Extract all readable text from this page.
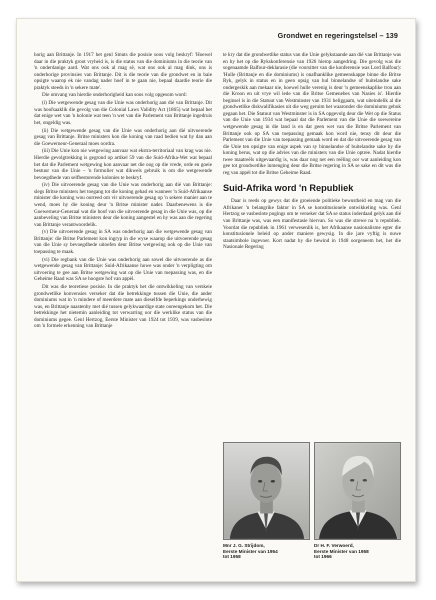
Grondwet en regeringstelsel – 139

horig aan Brittanje. In 1917 het genl Smuts die posisie soos volg beskryf: 'Hoewel daar in die praktyk groot vryheid is, is die status van die dominiums in die teorie van 'n onderdanige aard. Wat ons ook al mag sê, wat ons ook al mag dink, ons is onderhorige provinsies van Brittanje. Dit is die teorie van die grondwet en in baie opsigte waarop ek nie vandag nader hoef in te gaan nie, bepaal daardie teorie die praktyk steeds in 'n sekere mate'.

Die omvang van hierdie onderhorigheid kan soos volg opgesom word:

(i) Die wetgewende gesag van die Unie was onderhorig aan dié van Brittanje. Dit was hoofsaaklik die gevolg van die Colonial Laws Validity Act (1865) wat bepaal het dat enige wet van 'n kolonie wat teen 'n wet van die Parlement van Brittanje ingedruis het, ongeldig was.

(ii) Die wetgewende gesag van die Unie was onderhorig aan dié uitvoerende gesag van Brittanje. Britse ministers kon die koning van raad bedien wat hy dan aan die Goewerneur-Generaal moes oordra.

(iii) Die Unie kon nie wetgewing aanvaar wat ekstra-territoriaal van krag was nie. Hierdie gevolgtrekking is gegrond op artikel 59 van die Suid-Afrika-Wet wat bepaal het dat die Parlement wetgewing kon aanvaar net die oog op die vrede, orde en goeie bestuur van die Unie – 'n formulier wat dikwels gebruik is om die wetgewende bevoegdhede van selfbesturende kolonies te beskryf.

(iv) Die uitvoerende gesag van die Unie was onderhorig aan dié van Brittanje: slegs Britse ministers het toegang tot die koning gehad en wanneer 'n Suid-Afrikaanse minister die koning wou oorreed om vir uitvoerende gesag op 'n sekere manier aan te wend, moes hy die koning deur 'n Britse minister nader. Daarbenewens is die Goewerneur-Generaal wat die hoof van die uitvoerende gesag in die Unie was, op die aanbeveling van Britse ministers deur die koning aangestel en hy was aan die regering van Brittanje verantwoordelik.

(v) Die uitvoerende gesag in SA was onderhorig aan die wetgewende gesag van Brittanje: die Britse Parlement kon ingryp in die wyse waarop die uitvoerende gesag van die Unie sy bevoegdhede uitoefen deur Britse wetgewing ook op die Unie van toepassing te maak.

(vi) Die regbank van die Unie was onderhorig aan sowel die uitvoerende as die wetgewende gesag van Brittanje: Suid-Afrikaanse howe was onder 'n verpligting om uitvoering te gee aan Britse wetgewing wat op die Unie van toepassing was, en die Geheime Raad was SA se hoogste hof van appèl.

Dit was die teoretiese posisie. In die praktyk het die ontwikkeling van verskeie grondwetlike konvensies verseker dat die betrekkinge tussen die Unie, die ander dominiums wat in 'n mindere of meerdere mate aan dieselfde beperkings onderhewig was, en Brittanje naastenby met dié tussen gelykwaardige state ooreengekom het. Die betrekkinge het nietemin aanleiding tot verwarring oor die werklike status van die dominiums gegee. Genl Hertzog, Eerste Minister van 1924 tot 1939, was vasbeslote om 'n formele erkenning van Brittanje

te kry dat die grondwetlike status van die Unie gelykstaande aan dié van Brittanje was en hy het op die Rykskonferensie van 1926 hierop aangedring. Die gevolg was die sogenaamde Balfour-deklarasie (die voorsitter van die konferensie was Lord Balfour): 'Hulle (Brittanje en die dominiums) is onafhanklike gemeenskappe binne die Britse Ryk, gelyk in status en in geen opsig van hul binnelandse of buitelandse sake ondergeskik aan mekaar nie, hoewel hulle verenig is deur 'n gemeenskaplike trou aan die Kroon en uit vrye wil lede van die Britse Gemenebes van Nasies is'. Hierdie beginsel is in die Statuut van Westminster van 1931 beliggaam, wat uiteindelik al die grondwetlike diskwalifikasies uit die weg geruim het waaronder die dominiums gebuk gegaan het. Die Statuut van Westminster is in SA opgevolg deur die Wet op die Status van die Unie van 1934 wat bepaal dat die Parlement van die Unie die soewereine wetgewende gesag in die land is en dat geen wet van die Britse Parlement van Brittanje ook op SA van toepassing gemaak kon word nie, tensy dit deur die Parlement van die Unie van toepassing gemaak word en dat die uitvoerende gesag van die Unie ten opsigte van enige aspek van sy binnelandse of buitelandse sake by die koning berus, wat op die advies van die ministers van die Unie optree. Nadat hierdie twee maatreëls uitgevaardig is, was daar nog net een reëling oor wat aanleiding kon gee tot grondwetlike inmenging deur die Britse regering in SA se sake en dit was die reg van appèl tot die Britse Geheime Raad.

Suid-Afrika word 'n Republiek

Daar is reeds op gewys dat die groeiende politieke bewustheid en mag van die Afrikaner 'n belangrike faktor in SA se konstitusionele ontwikkeling was. Genl Hertzog se vasbeslote pogings om te verseker dat SA se status inderdaad gelyk aan dié van Brittanje was, was een manifestasie hiervan. So was die strewe na 'n republiek. Voordat die republiek in 1961 verwesenlik is, het Afrikaanse nasionalisme egter die konstitusionele beleid op ander maniere gewysig. In die jare vyftig is nuwe staatsimbole ingevoer. Kort nadat hy die bewind in 1948 oorgeneem het, het die Nasionale Regering

Mnr J. G. Strijdom,
Eerste Minister van 1954
tot 1958
Dr H. F. Verwoerd,
Eerste Minister van 1958
tot 1966
